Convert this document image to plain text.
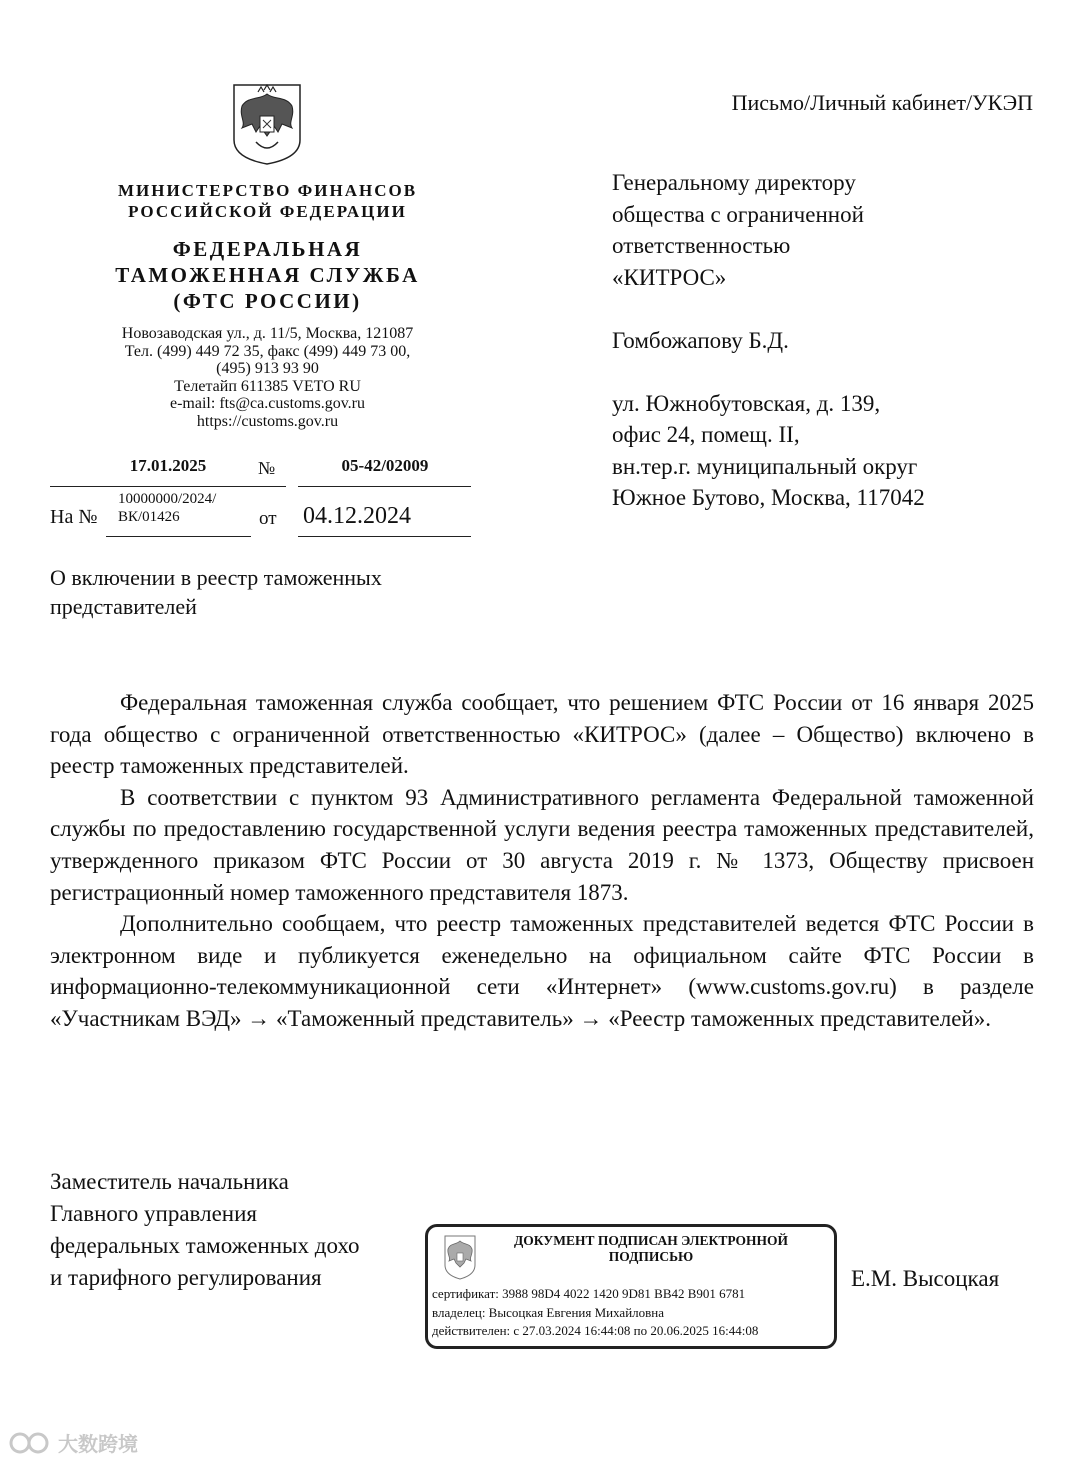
МИНИСТЕРСТВО ФИНАНСОВ
РОССИЙСКОЙ ФЕДЕРАЦИИ
ФЕДЕРАЛЬНАЯ
ТАМОЖЕННАЯ СЛУЖБА
(ФТС РОССИИ)
Новозаводская ул., д. 11/5, Москва, 121087
Тел. (499) 449 72 35, факс (499) 449 73 00,
(495) 913 93 90
Телетайп 611385 VETO RU
e-mail: fts@ca.customs.gov.ru
https://customs.gov.ru
17.01.2025	№	05-42/02009
На №
10000000/2024/
ВК/01426	от 04.12.2024
О включении в реестр таможенных представителей
Письмо/Личный кабинет/УКЭП
Генеральному директору
общества с ограниченной
ответственностью
«КИТРОС»
Гомбожапову Б.Д.
ул. Южнобутовская, д. 139,
офис 24, помещ. II,
вн.тер.г. муниципальный округ
Южное Бутово, Москва, 117042

Федеральная таможенная служба сообщает, что решением ФТС России от 16 января 2025 года общество с ограниченной ответственностью «КИТРОС» (далее – Общество) включено в реестр таможенных представителей.

В соответствии с пунктом 93 Административного регламента Федеральной таможенной службы по предоставлению государственной услуги ведения реестра таможенных представителей, утвержденного приказом ФТС России от 30 августа 2019 г. № 1373, Обществу присвоен регистрационный номер таможенного представителя 1873.

Дополнительно сообщаем, что реестр таможенных представителей ведется ФТС России в электронном виде и публикуется еженедельно на официальном сайте ФТС России в информационно-телекоммуникационной сети «Интернет» (www.customs.gov.ru) в разделе «Участникам ВЭД» → «Таможенный представитель» → «Реестр таможенных представителей».

Заместитель начальника
Главного управления
федеральных таможенных дохо
и тарифного регулирования	Е.М. Высоцкая
ДОКУМЕНТ ПОДПИСАН ЭЛЕКТРОННОЙ ПОДПИСЬЮ
сертификат: 3988 98D4 4022 1420 9D81 BB42 B901 6781
владелец: Высоцкая Евгения Михайловна
действителен: с 27.03.2024 16:44:08 по 20.06.2025 16:44:08
大数跨境
